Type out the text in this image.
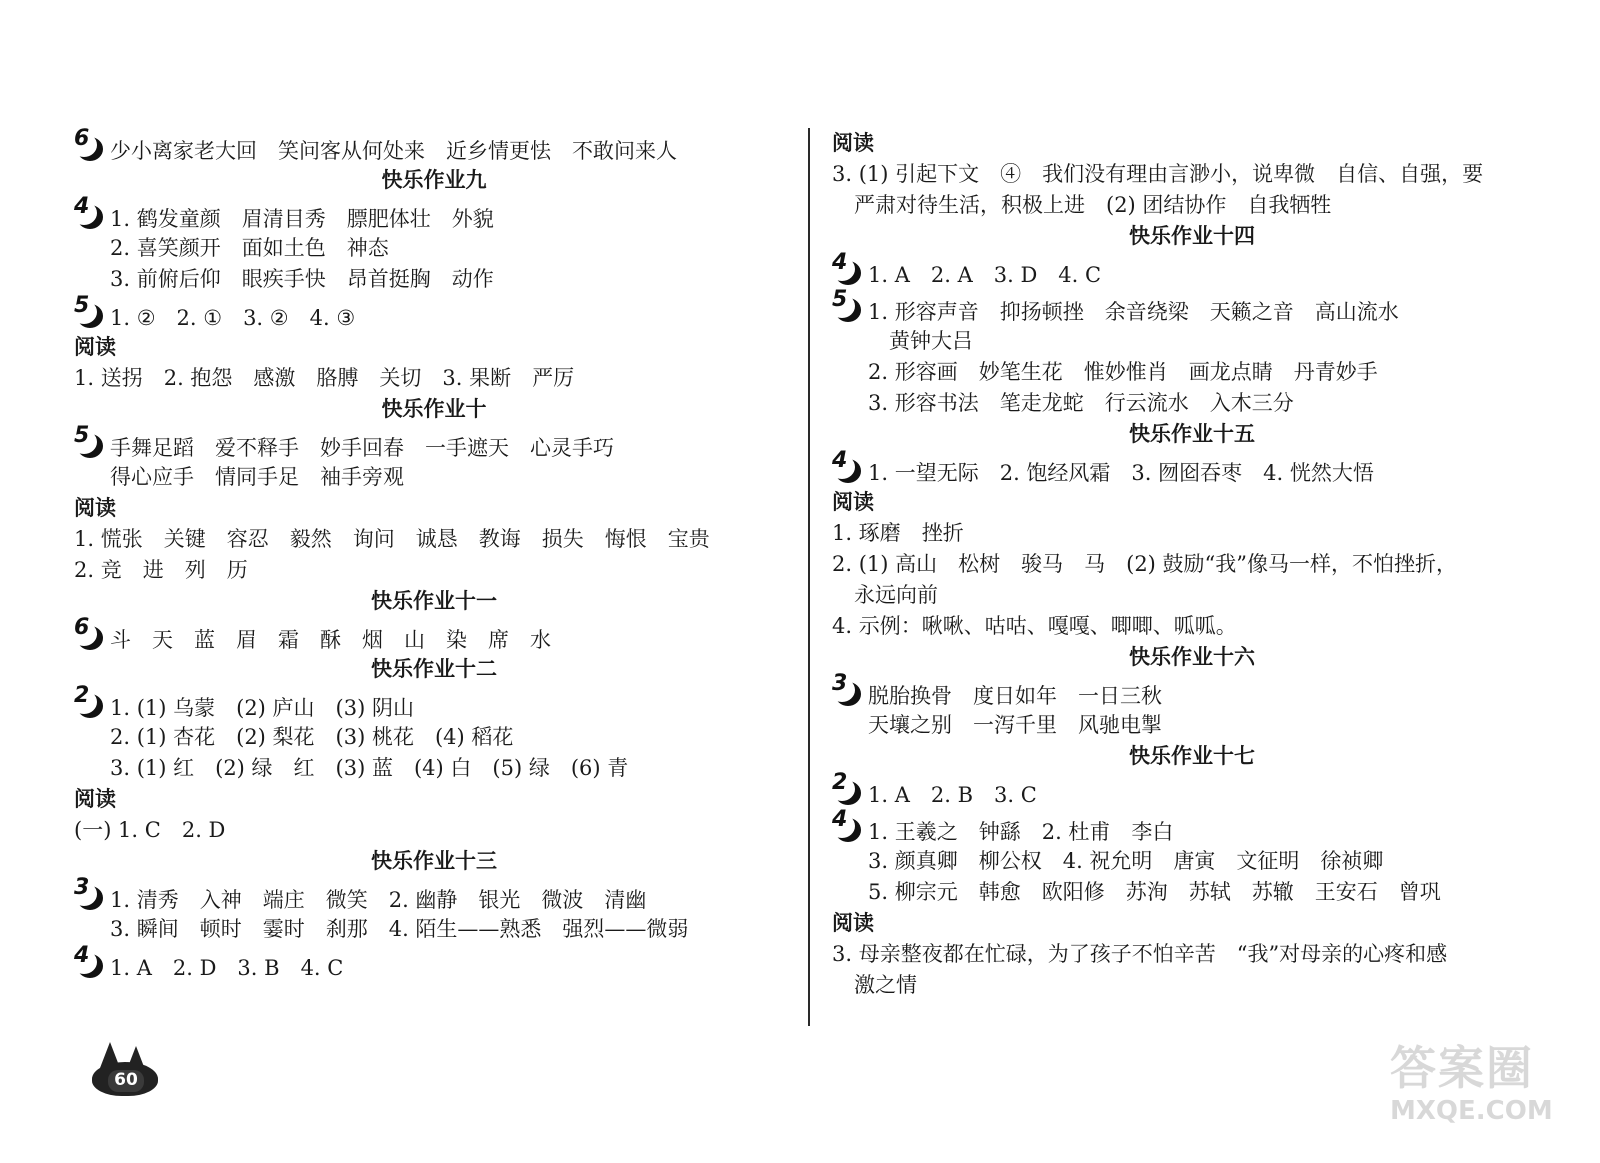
6 少小离家老大回　笑问客从何处来　近乡情更怯　不敢问来人
快乐作业九
4 1. 鹤发童颜　眉清目秀　膘肥体壮　外貌
2. 喜笑颜开　面如土色　神态
3. 前俯后仰　眼疾手快　昂首挺胸　动作
5 1. ②　2. ①　3. ②　4. ③
阅读
1. 送拐　2. 抱怨　感激　胳膊　关切　3. 果断　严厉
快乐作业十
5 手舞足蹈　爱不释手　妙手回春　一手遮天　心灵手巧
得心应手　情同手足　袖手旁观
阅读
1. 慌张　关键　容忍　毅然　询问　诚恳　教诲　损失　悔恨　宝贵
2. 竞　进　列　历
快乐作业十一
6 斗　天　蓝　眉　霜　酥　烟　山　染　席　水
快乐作业十二
2 1. (1) 乌蒙　(2) 庐山　(3) 阴山
2. (1) 杏花　(2) 梨花　(3) 桃花　(4) 稻花
3. (1) 红　(2) 绿　红　(3) 蓝　(4) 白　(5) 绿　(6) 青
阅读
(一) 1. C　2. D
快乐作业十三
3 1. 清秀　入神　端庄　微笑　2. 幽静　银光　微波　清幽
3. 瞬间　顿时　霎时　刹那　4. 陌生——熟悉　强烈——微弱
4 1. A　2. D　3. B　4. C
阅读
3. (1) 引起下文　④　我们没有理由言渺小，说卑微　自信、自强，要
严肃对待生活，积极上进　(2) 团结协作　自我牺牲
快乐作业十四
4 1. A　2. A　3. D　4. C
5 1. 形容声音　抑扬顿挫　余音绕梁　天籁之音　高山流水
　黄钟大吕
2. 形容画　妙笔生花　惟妙惟肖　画龙点睛　丹青妙手
3. 形容书法　笔走龙蛇　行云流水　入木三分
快乐作业十五
4 1. 一望无际　2. 饱经风霜　3. 囫囵吞枣　4. 恍然大悟
阅读
1. 琢磨　挫折
2. (1) 高山　松树　骏马　马　(2) 鼓励“我”像马一样，不怕挫折，
永远向前
4. 示例：啾啾、咕咕、嘎嘎、唧唧、呱呱。
快乐作业十六
3 脱胎换骨　度日如年　一日三秋
天壤之别　一泻千里　风驰电掣
快乐作业十七
2 1. A　2. B　3. C
4 1. 王羲之　钟繇　2. 杜甫　李白
3. 颜真卿　柳公权　4. 祝允明　唐寅　文征明　徐祯卿
5. 柳宗元　韩愈　欧阳修　苏洵　苏轼　苏辙　王安石　曾巩
阅读
3. 母亲整夜都在忙碌，为了孩子不怕辛苦　“我”对母亲的心疼和感
激之情
60	答案圈
MXQE.COM
